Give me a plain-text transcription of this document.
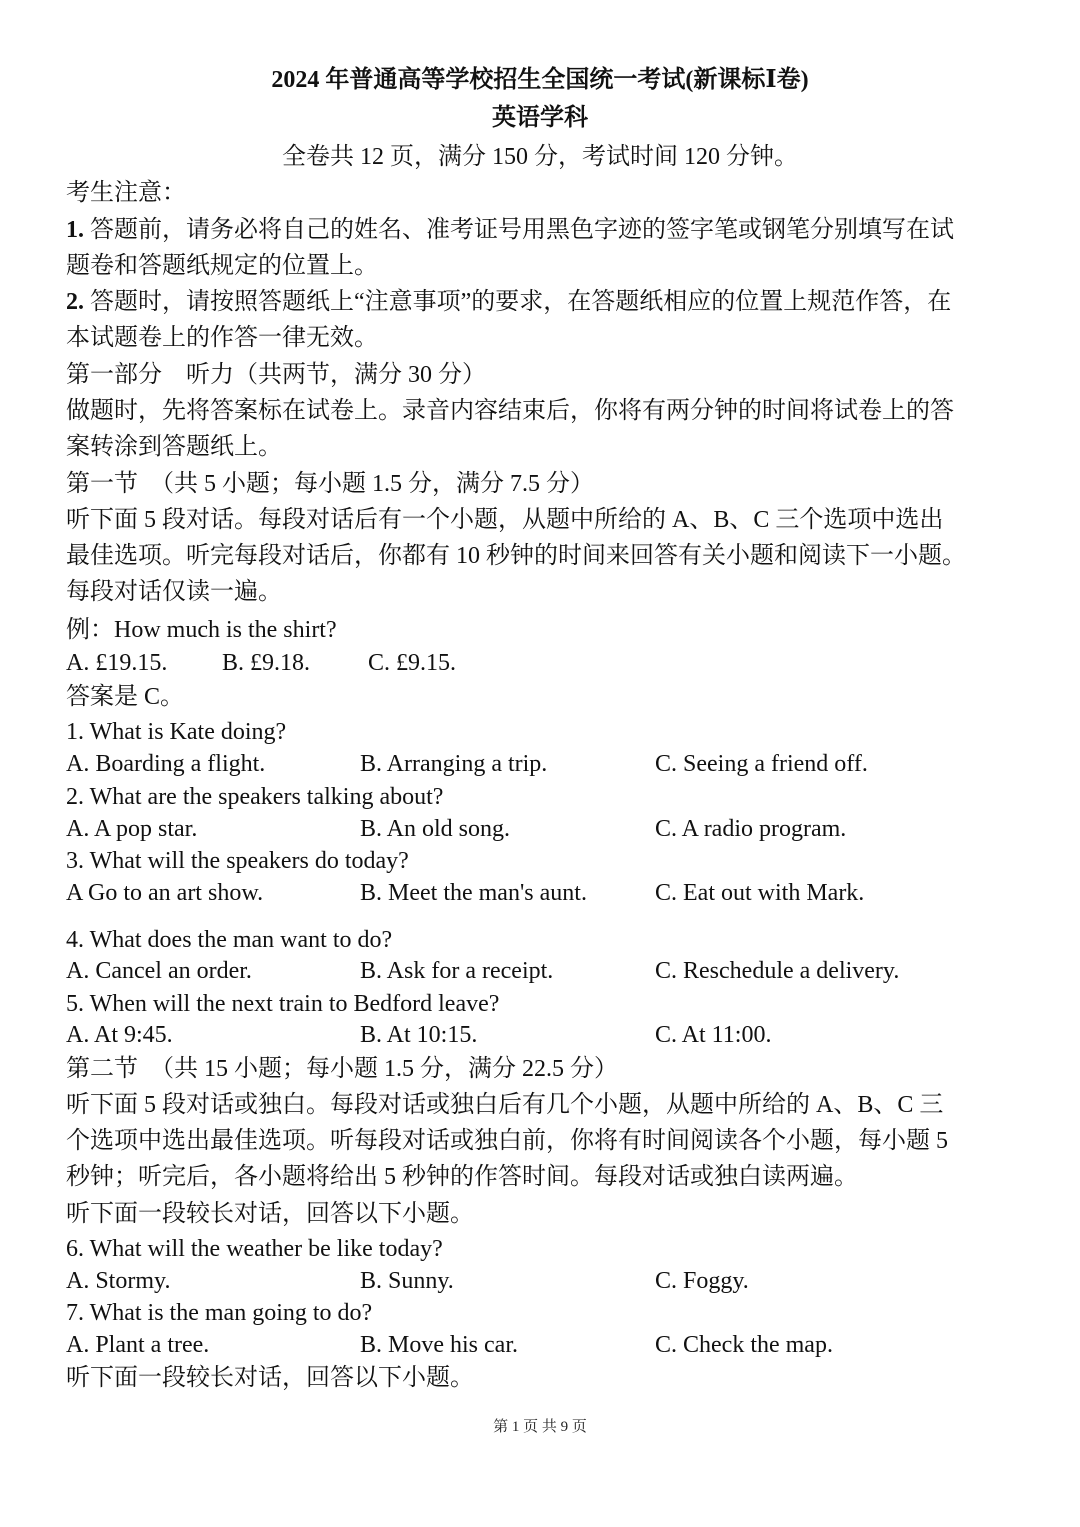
2024 年普通高等学校招生全国统一考试(新课标Ⅰ卷)
英语学科
全卷共 12 页，满分 150 分，考试时间 120 分钟。
考生注意：
1. 答题前，请务必将自己的姓名、准考证号用黑色字迹的签字笔或钢笔分别填写在试
题卷和答题纸规定的位置上。
2. 答题时，请按照答题纸上“注意事项”的要求，在答题纸相应的位置上规范作答，在
本试题卷上的作答一律无效。
第一部分　听力（共两节，满分 30 分）
做题时，先将答案标在试卷上。录音内容结束后，你将有两分钟的时间将试卷上的答
案转涂到答题纸上。
第一节　（共 5 小题；每小题 1.5 分，满分 7.5 分）
听下面 5 段对话。每段对话后有一个小题，从题中所给的 A、B、C 三个选项中选出
最佳选项。听完每段对话后，你都有 10 秒钟的时间来回答有关小题和阅读下一小题。
每段对话仅读一遍。
例：How much is the shirt?
A. £19.15. B. £9.18. C. £9.15.
答案是 C。
1. What is Kate doing?
A. Boarding a flight.	B. Arranging a trip.	C. Seeing a friend off.
2. What are the speakers talking about?
A. A pop star.	B. An old song.	C. A radio program.
3. What will the speakers do today?
A Go to an art show.	B. Meet the man's aunt.	C. Eat out with Mark.
4. What does the man want to do?
A. Cancel an order.	B. Ask for a receipt.	C. Reschedule a delivery.
5. When will the next train to Bedford leave?
A. At 9:45.	B. At 10:15.	C. At 11:00.
第二节　（共 15 小题；每小题 1.5 分，满分 22.5 分）
听下面 5 段对话或独白。每段对话或独白后有几个小题，从题中所给的 A、B、C 三
个选项中选出最佳选项。听每段对话或独白前，你将有时间阅读各个小题，每小题 5
秒钟；听完后，各小题将给出 5 秒钟的作答时间。每段对话或独白读两遍。
听下面一段较长对话，回答以下小题。
6. What will the weather be like today?
A. Stormy.	B. Sunny.	C. Foggy.
7. What is the man going to do?
A. Plant a tree.	B. Move his car.	C. Check the map.
听下面一段较长对话，回答以下小题。
第 1 页 共 9 页
